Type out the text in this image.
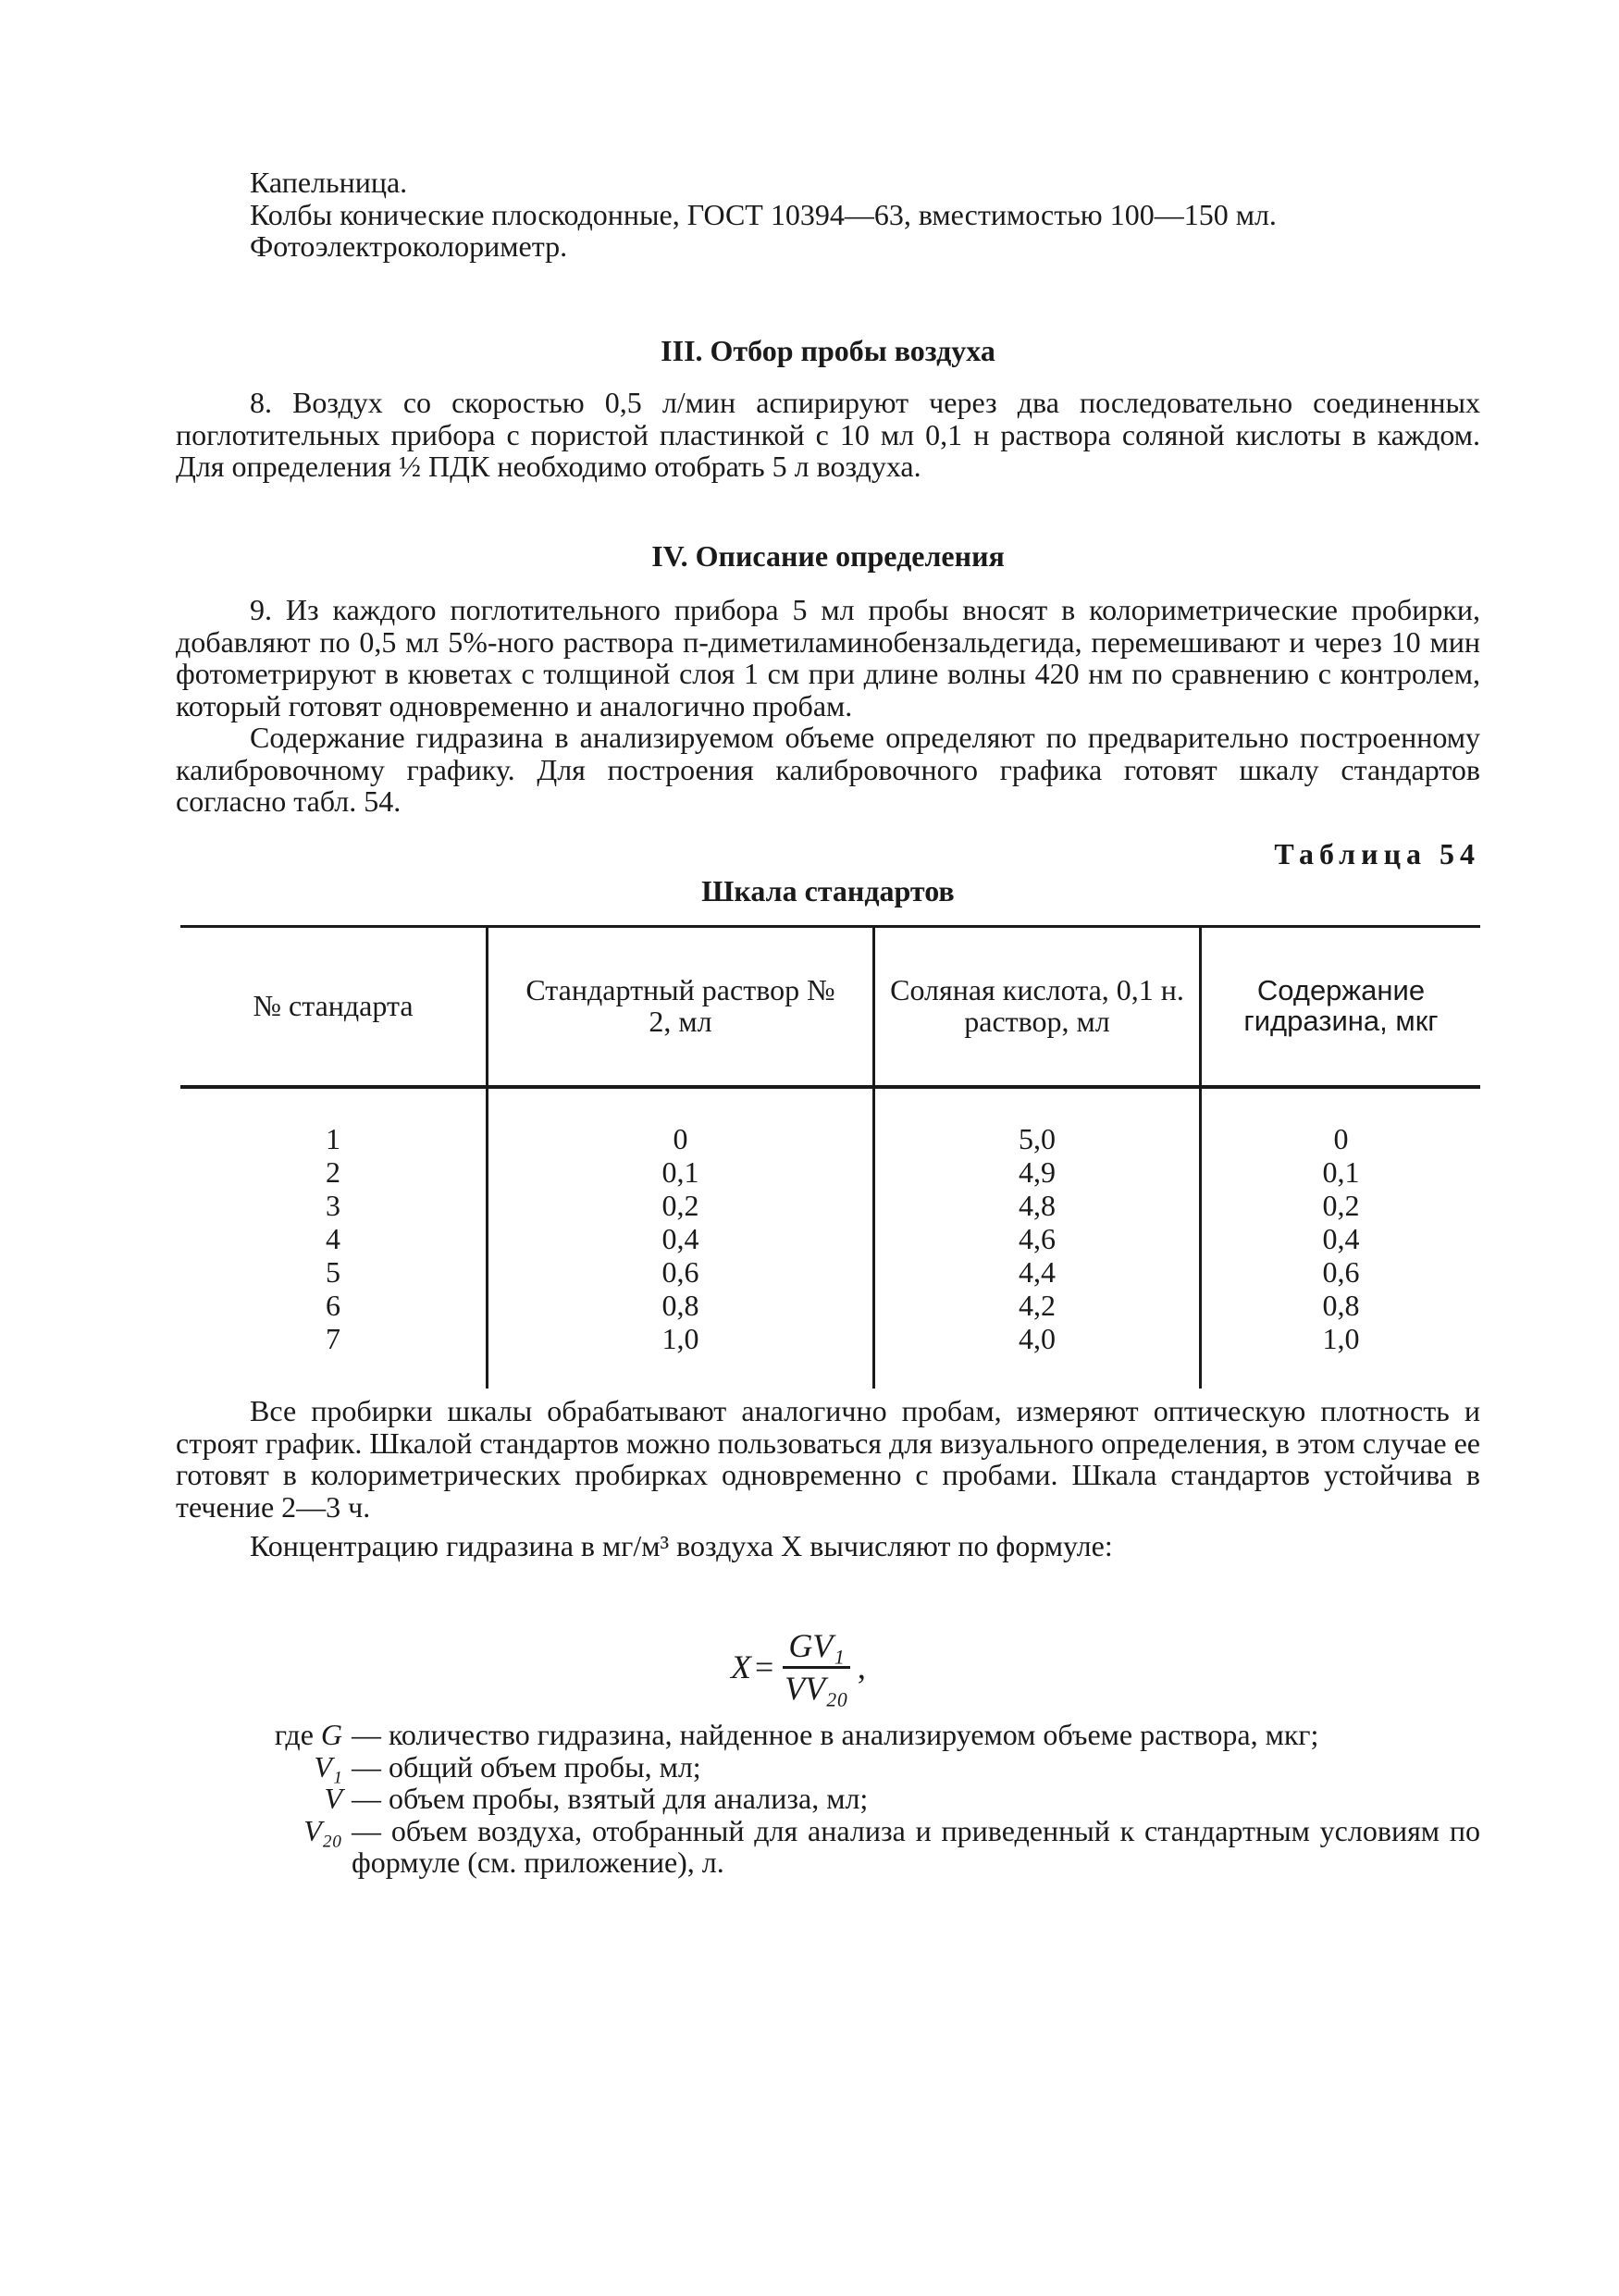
Капельница.

Колбы конические плоскодонные, ГОСТ 10394—63, вместимостью 100—150 мл.

Фотоэлектроколориметр.

III. Отбор пробы воздуха

8. Воздух со скоростью 0,5 л/мин аспирируют через два последовательно соединенных поглотительных прибора с пористой пластинкой с 10 мл 0,1 н раствора соляной кислоты в каждом. Для определения ½ ПДК необходимо отобрать 5 л воздуха.

IV. Описание определения

9. Из каждого поглотительного прибора 5 мл пробы вносят в колориметрические пробирки, добавляют по 0,5 мл 5%-ного раствора п-диметиламинобензальдегида, перемешивают и через 10 мин фотометрируют в кюветах с толщиной слоя 1 см при длине волны 420 нм по сравнению с контролем, который готовят одновременно и аналогично пробам.

Содержание гидразина в анализируемом объеме определяют по предварительно построенному калибровочному графику. Для построения калибровочного графика готовят шкалу стандартов согласно табл. 54.

Таблица 54
Шкала стандартов
№ стандарта	Стандартный раствор № 2, мл	Соляная кислота, 0,1 н. раствор, мл	Содержание гидразина, мкг
1	0	5,0	0
2	0,1	4,9	0,1
3	0,2	4,8	0,2
4	0,4	4,6	0,4
5	0,6	4,4	0,6
6	0,8	4,2	0,8
7	1,0	4,0	1,0

Все пробирки шкалы обрабатывают аналогично пробам, измеряют оптическую плотность и строят график. Шкалой стандартов можно пользоваться для визуального определения, в этом случае ее готовят в колориметрических пробирках одновременно с пробами. Шкала стандартов устойчива в течение 2—3 ч.

Концентрацию гидразина в мг/м³ воздуха X вычисляют по формуле:

$X = \frac{\text{GV₁}}{\text{VV₂₀}}$ ,
где G — количество гидразина, найденное в анализируемом объеме раствора, мкг;
V₁ — общий объем пробы, мл;
V — объем пробы, взятый для анализа, мл;
V₂₀ — объем воздуха, отобранный для анализа и приведенный к стандартным условиям по формуле (см. приложение), л.
